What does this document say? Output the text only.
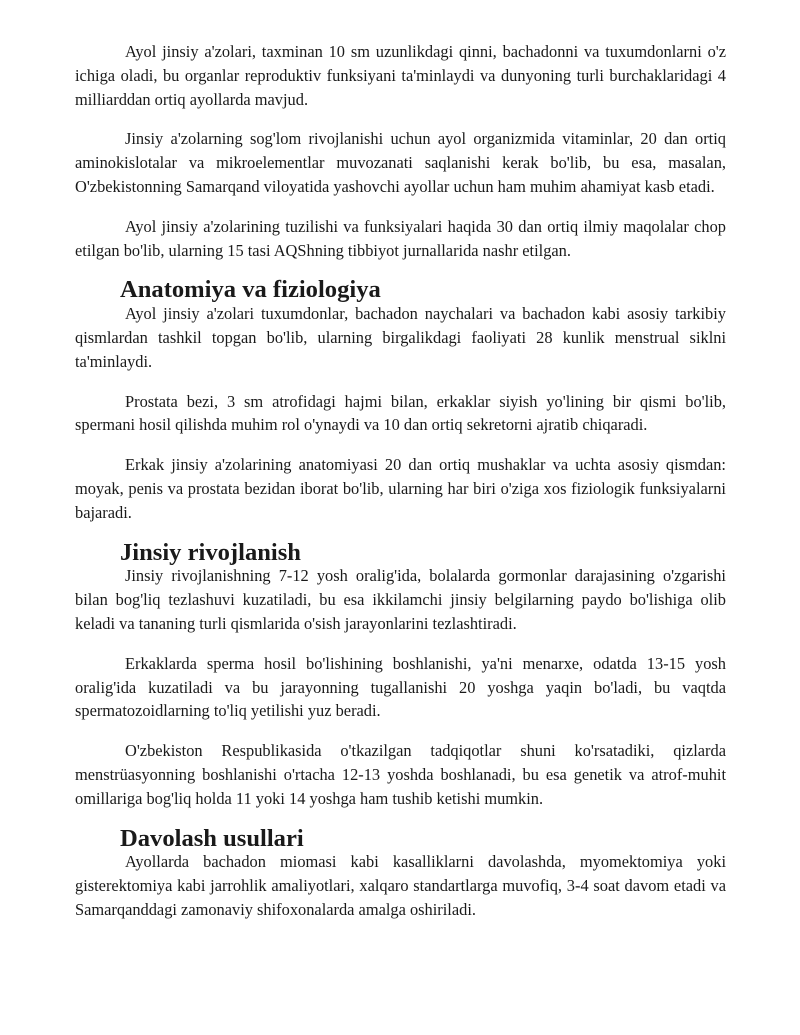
Ayol jinsiy a'zolari, taxminan 10 sm uzunlikdagi qinni, bachadonni va tuxumdonlarni o'z ichiga oladi, bu organlar reproduktiv funksiyani ta'minlaydi va dunyoning turli burchaklaridagi 4 milliarddan ortiq ayollarda mavjud.

Jinsiy a'zolarning sog'lom rivojlanishi uchun ayol organizmida vitaminlar, 20 dan ortiq aminokislotalar va mikroelementlar muvozanati saqlanishi kerak bo'lib, bu esa, masalan, O'zbekistonning Samarqand viloyatida yashovchi ayollar uchun ham muhim ahamiyat kasb etadi.

Ayol jinsiy a'zolarining tuzilishi va funksiyalari haqida 30 dan ortiq ilmiy maqolalar chop etilgan bo'lib, ularning 15 tasi AQShning tibbiyot jurnallarida nashr etilgan.

Anatomiya va fiziologiya

Ayol jinsiy a'zolari tuxumdonlar, bachadon naychalari va bachadon kabi asosiy tarkibiy qismlardan tashkil topgan bo'lib, ularning birgalikdagi faoliyati 28 kunlik menstrual siklni ta'minlaydi.

Prostata bezi, 3 sm atrofidagi hajmi bilan, erkaklar siyish yo'lining bir qismi bo'lib, spermani hosil qilishda muhim rol o'ynaydi va 10 dan ortiq sekretorni ajratib chiqaradi.

Erkak jinsiy a'zolarining anatomiyasi 20 dan ortiq mushaklar va uchta asosiy qismdan: moyak, penis va prostata bezidan iborat bo'lib, ularning har biri o'ziga xos fiziologik funksiyalarni bajaradi.

Jinsiy rivojlanish

Jinsiy rivojlanishning 7-12 yosh oralig'ida, bolalarda gormonlar darajasining o'zgarishi bilan bog'liq tezlashuvi kuzatiladi, bu esa ikkilamchi jinsiy belgilarning paydo bo'lishiga olib keladi va tananing turli qismlarida o'sish jarayonlarini tezlashtiradi.

Erkaklarda sperma hosil bo'lishining boshlanishi, ya'ni menarxe, odatda 13-15 yosh oralig'ida kuzatiladi va bu jarayonning tugallanishi 20 yoshga yaqin bo'ladi, bu vaqtda spermatozoidlarning to'liq yetilishi yuz beradi.

O'zbekiston Respublikasida o'tkazilgan tadqiqotlar shuni ko'rsatadiki, qizlarda menstrüasyonning boshlanishi o'rtacha 12-13 yoshda boshlanadi, bu esa genetik va atrof-muhit omillariga bog'liq holda 11 yoki 14 yoshga ham tushib ketishi mumkin.

Davolash usullari

Ayollarda bachadon miomasi kabi kasalliklarni davolashda, myomektomiya yoki gisterektomiya kabi jarrohlik amaliyotlari, xalqaro standartlarga muvofiq, 3-4 soat davom etadi va Samarqanddagi zamonaviy shifoxonalarda amalga oshiriladi.
